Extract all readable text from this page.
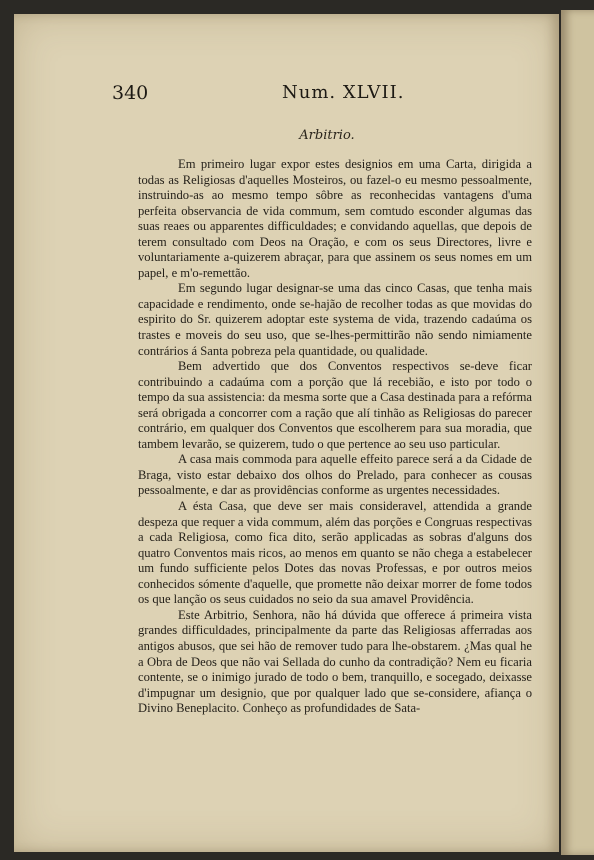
340	Num. XLVII.
Arbitrio.

Em primeiro lugar expor estes designios em uma Carta, dirigida a todas as Religiosas d'aquelles Mosteiros, ou fazel-o eu mesmo pessoalmente, instruindo-as ao mesmo tempo sôbre as reconhecidas vantagens d'uma perfeita observancia de vida commum, sem comtudo esconder algumas das suas reaes ou apparentes difficuldades; e convidando aquellas, que depois de terem consultado com Deos na Oração, e com os seus Directores, livre e voluntariamente a-quizerem abraçar, para que assinem os seus nomes em um papel, e m'o-remettão.

Em segundo lugar designar-se uma das cinco Casas, que tenha mais capacidade e rendimento, onde se-hajão de recolher todas as que movidas do espirito do Sr. quizerem adoptar este systema de vida, trazendo cadaúma os trastes e moveis do seu uso, que se-lhes-permittirão não sendo nimiamente contrários á Santa pobreza pela quantidade, ou qualidade.

Bem advertido que dos Conventos respectivos se-deve ficar contribuindo a cadaúma com a porção que lá recebião, e isto por todo o tempo da sua assistencia: da mesma sorte que a Casa destinada para a refórma será obrigada a concorrer com a ração que alí tinhão as Religiosas do parecer contrário, em qualquer dos Conventos que escolherem para sua moradia, que tambem levarão, se quizerem, tudo o que pertence ao seu uso particular.

A casa mais commoda para aquelle effeito parece será a da Cidade de Braga, visto estar debaixo dos olhos do Prelado, para conhecer as cousas pessoalmente, e dar as providências conforme as urgentes necessidades.

A ésta Casa, que deve ser mais consideravel, attendida a grande despeza que requer a vida commum, além das porções e Congruas respectivas a cada Religiosa, como fica dito, serão applicadas as sobras d'alguns dos quatro Conventos mais ricos, ao menos em quanto se não chega a estabelecer um fundo sufficiente pelos Dotes das novas Professas, e por outros meios conhecidos sómente d'aquelle, que promette não deixar morrer de fome todos os que lanção os seus cuidados no seio da sua amavel Providência.

Este Arbitrio, Senhora, não há dúvida que offerece á primeira vista grandes difficuldades, principalmente da parte das Religiosas afferradas aos antigos abusos, que sei hão de remover tudo para lhe-obstarem. ¿Mas qual he a Obra de Deos que não vai Sellada do cunho da contradição? Nem eu ficaria contente, se o inimigo jurado de todo o bem, tranquillo, e socegado, deixasse d'impugnar um designio, que por qualquer lado que se-considere, afiança o Divino Beneplacito. Conheço as profundidades de Sata-
